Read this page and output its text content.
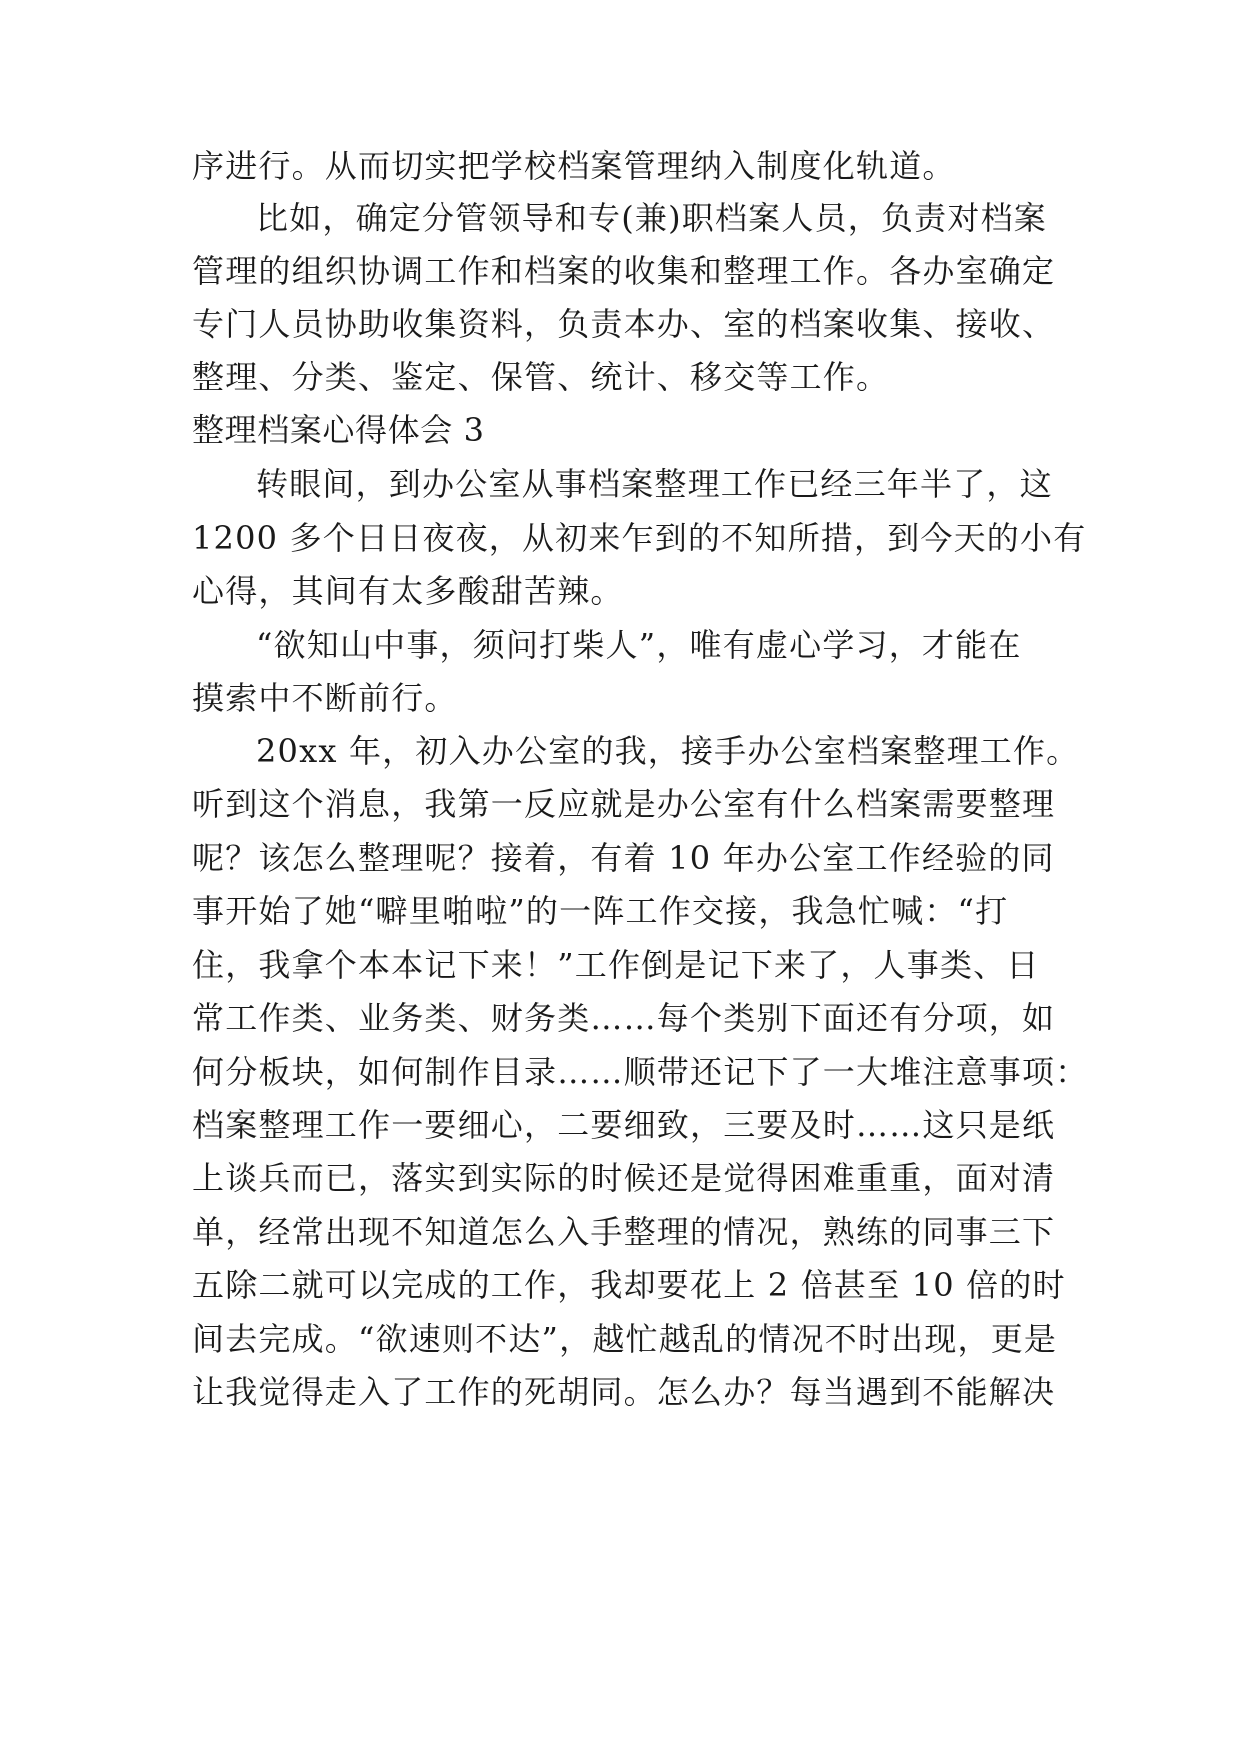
序进行。从而切实把学校档案管理纳入制度化轨道。
比如，确定分管领导和专(兼)职档案人员，负责对档案
管理的组织协调工作和档案的收集和整理工作。各办室确定
专门人员协助收集资料，负责本办、室的档案收集、接收、
整理、分类、鉴定、保管、统计、移交等工作。
整理档案心得体会 3
转眼间，到办公室从事档案整理工作已经三年半了，这
1200 多个日日夜夜，从初来乍到的不知所措，到今天的小有
心得，其间有太多酸甜苦辣。
“欲知山中事，须问打柴人”，唯有虚心学习，才能在
摸索中不断前行。
20xx 年，初入办公室的我，接手办公室档案整理工作。
听到这个消息，我第一反应就是办公室有什么档案需要整理
呢？该怎么整理呢？接着，有着 10 年办公室工作经验的同
事开始了她“噼里啪啦”的一阵工作交接，我急忙喊：“打
住，我拿个本本记下来！”工作倒是记下来了，人事类、日
常工作类、业务类、财务类……每个类别下面还有分项，如
何分板块，如何制作目录……顺带还记下了一大堆注意事项：
档案整理工作一要细心，二要细致，三要及时……这只是纸
上谈兵而已，落实到实际的时候还是觉得困难重重，面对清
单，经常出现不知道怎么入手整理的情况，熟练的同事三下
五除二就可以完成的工作，我却要花上 2 倍甚至 10 倍的时
间去完成。“欲速则不达”，越忙越乱的情况不时出现，更是
让我觉得走入了工作的死胡同。怎么办？每当遇到不能解决
